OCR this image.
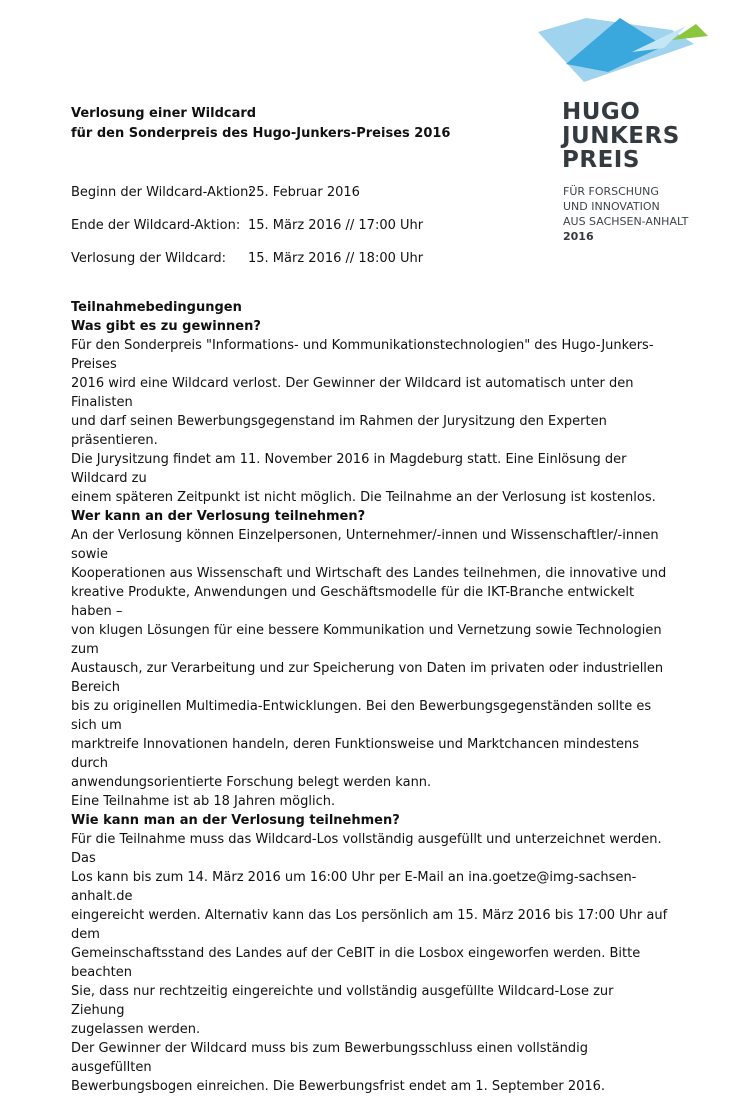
Verlosung einer Wildcard
für den Sonderpreis des Hugo-Junkers-Preises 2016
HUGO
JUNKERS
PREIS
FÜR FORSCHUNG
UND INNOVATION
AUS SACHSEN-ANHALT
2016
Beginn der Wildcard-Aktion:
25. Februar 2016
Ende der Wildcard-Aktion: 15. März 2016 // 17:00 Uhr
Verlosung der Wildcard: 15. März 2016 // 18:00 Uhr
Teilnahmebedingungen
Was gibt es zu gewinnen?

Für den Sonderpreis "Informations- und Kommunikationstechnologien" des Hugo-Junkers-Preises
2016 wird eine Wildcard verlost. Der Gewinner der Wildcard ist automatisch unter den Finalisten
und darf seinen Bewerbungsgegenstand im Rahmen der Jurysitzung den Experten präsentieren.
Die Jurysitzung findet am 11. November 2016 in Magdeburg statt. Eine Einlösung der Wildcard zu
einem späteren Zeitpunkt ist nicht möglich. Die Teilnahme an der Verlosung ist kostenlos.

Wer kann an der Verlosung teilnehmen?

An der Verlosung können Einzelpersonen, Unternehmer/-innen und Wissenschaftler/-innen sowie
Kooperationen aus Wissenschaft und Wirtschaft des Landes teilnehmen, die innovative und
kreative Produkte, Anwendungen und Geschäftsmodelle für die IKT-Branche entwickelt haben –
von klugen Lösungen für eine bessere Kommunikation und Vernetzung sowie Technologien zum
Austausch, zur Verarbeitung und zur Speicherung von Daten im privaten oder industriellen Bereich
bis zu originellen Multimedia-Entwicklungen. Bei den Bewerbungsgegenständen sollte es sich um
marktreife Innovationen handeln, deren Funktionsweise und Marktchancen mindestens durch
anwendungsorientierte Forschung belegt werden kann.

Eine Teilnahme ist ab 18 Jahren möglich.

Wie kann man an der Verlosung teilnehmen?

Für die Teilnahme muss das Wildcard-Los vollständig ausgefüllt und unterzeichnet werden. Das
Los kann bis zum 14. März 2016 um 16:00 Uhr per E-Mail an ina.goetze@img-sachsen-anhalt.de
eingereicht werden. Alternativ kann das Los persönlich am 15. März 2016 bis 17:00 Uhr auf dem
Gemeinschaftsstand des Landes auf der CeBIT in die Losbox eingeworfen werden. Bitte beachten
Sie, dass nur rechtzeitig eingereichte und vollständig ausgefüllte Wildcard-Lose zur Ziehung
zugelassen werden.

Der Gewinner der Wildcard muss bis zum Bewerbungsschluss einen vollständig ausgefüllten
Bewerbungsbogen einreichen. Die Bewerbungsfrist endet am 1. September 2016.
